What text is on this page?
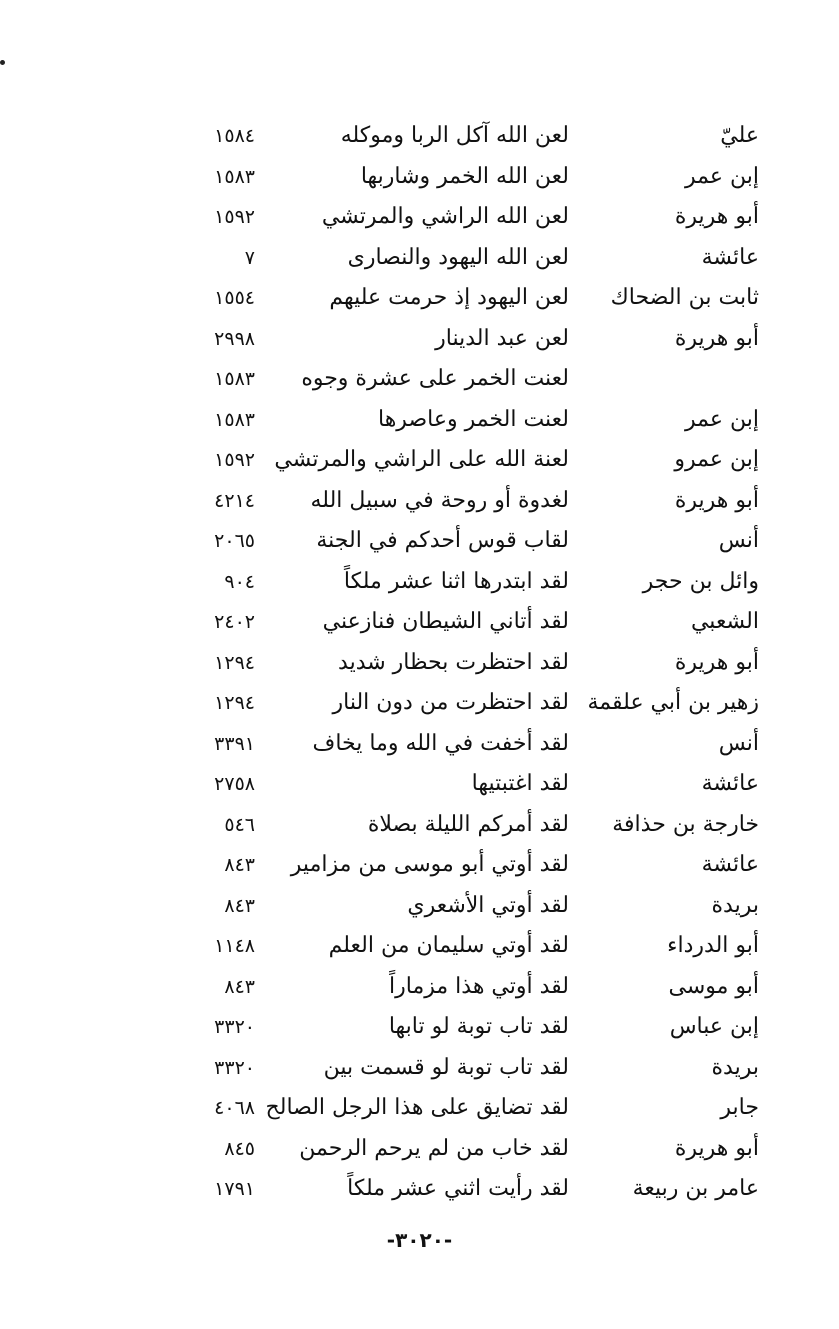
عليّ
لعن الله آكل الربا وموكله
١٥٨٤
إبن عمر
لعن الله الخمر وشاربها
١٥٨٣
أبو هريرة
لعن الله الراشي والمرتشي
١٥٩٢
عائشة
لعن الله اليهود والنصارى
٧
ثابت بن الضحاك
لعن اليهود إذ حرمت عليهم
١٥٥٤
أبو هريرة
لعن عبد الدينار
٢٩٩٨
لعنت الخمر على عشرة وجوه
١٥٨٣
إبن عمر
لعنت الخمر وعاصرها
١٥٨٣
إبن عمرو
لعنة الله على الراشي والمرتشي
١٥٩٢
أبو هريرة
لغدوة أو روحة في سبيل الله
٤٢١٤
أنس
لقاب قوس أحدكم في الجنة
٢٠٦٥
وائل بن حجر
لقد ابتدرها اثنا عشر ملكاً
٩٠٤
الشعبي
لقد أتاني الشيطان فنازعني
٢٤٠٢
أبو هريرة
لقد احتظرت بحظار شديد
١٢٩٤
زهير بن أبي علقمة
لقد احتظرت من دون النار
١٢٩٤
أنس
لقد أخفت في الله وما يخاف
٣٣٩١
عائشة
لقد اغتبتيها
٢٧٥٨
خارجة بن حذافة
لقد أمركم الليلة بصلاة
٥٤٦
عائشة
لقد أوتي أبو موسى من مزامير
٨٤٣
بريدة
لقد أوتي الأشعري
٨٤٣
أبو الدرداء
لقد أوتي سليمان من العلم
١١٤٨
أبو موسى
لقد أوتي هذا مزماراً
٨٤٣
إبن عباس
لقد تاب توبة لو تابها
٣٣٢٠
بريدة
لقد تاب توبة لو قسمت بين
٣٣٢٠
جابر
لقد تضايق على هذا الرجل الصالح
٤٠٦٨
أبو هريرة
لقد خاب من لم يرحم الرحمن
٨٤٥
عامر بن ربيعة
لقد رأيت اثني عشر ملكاً
١٧٩١
-٣٠٢٠-
